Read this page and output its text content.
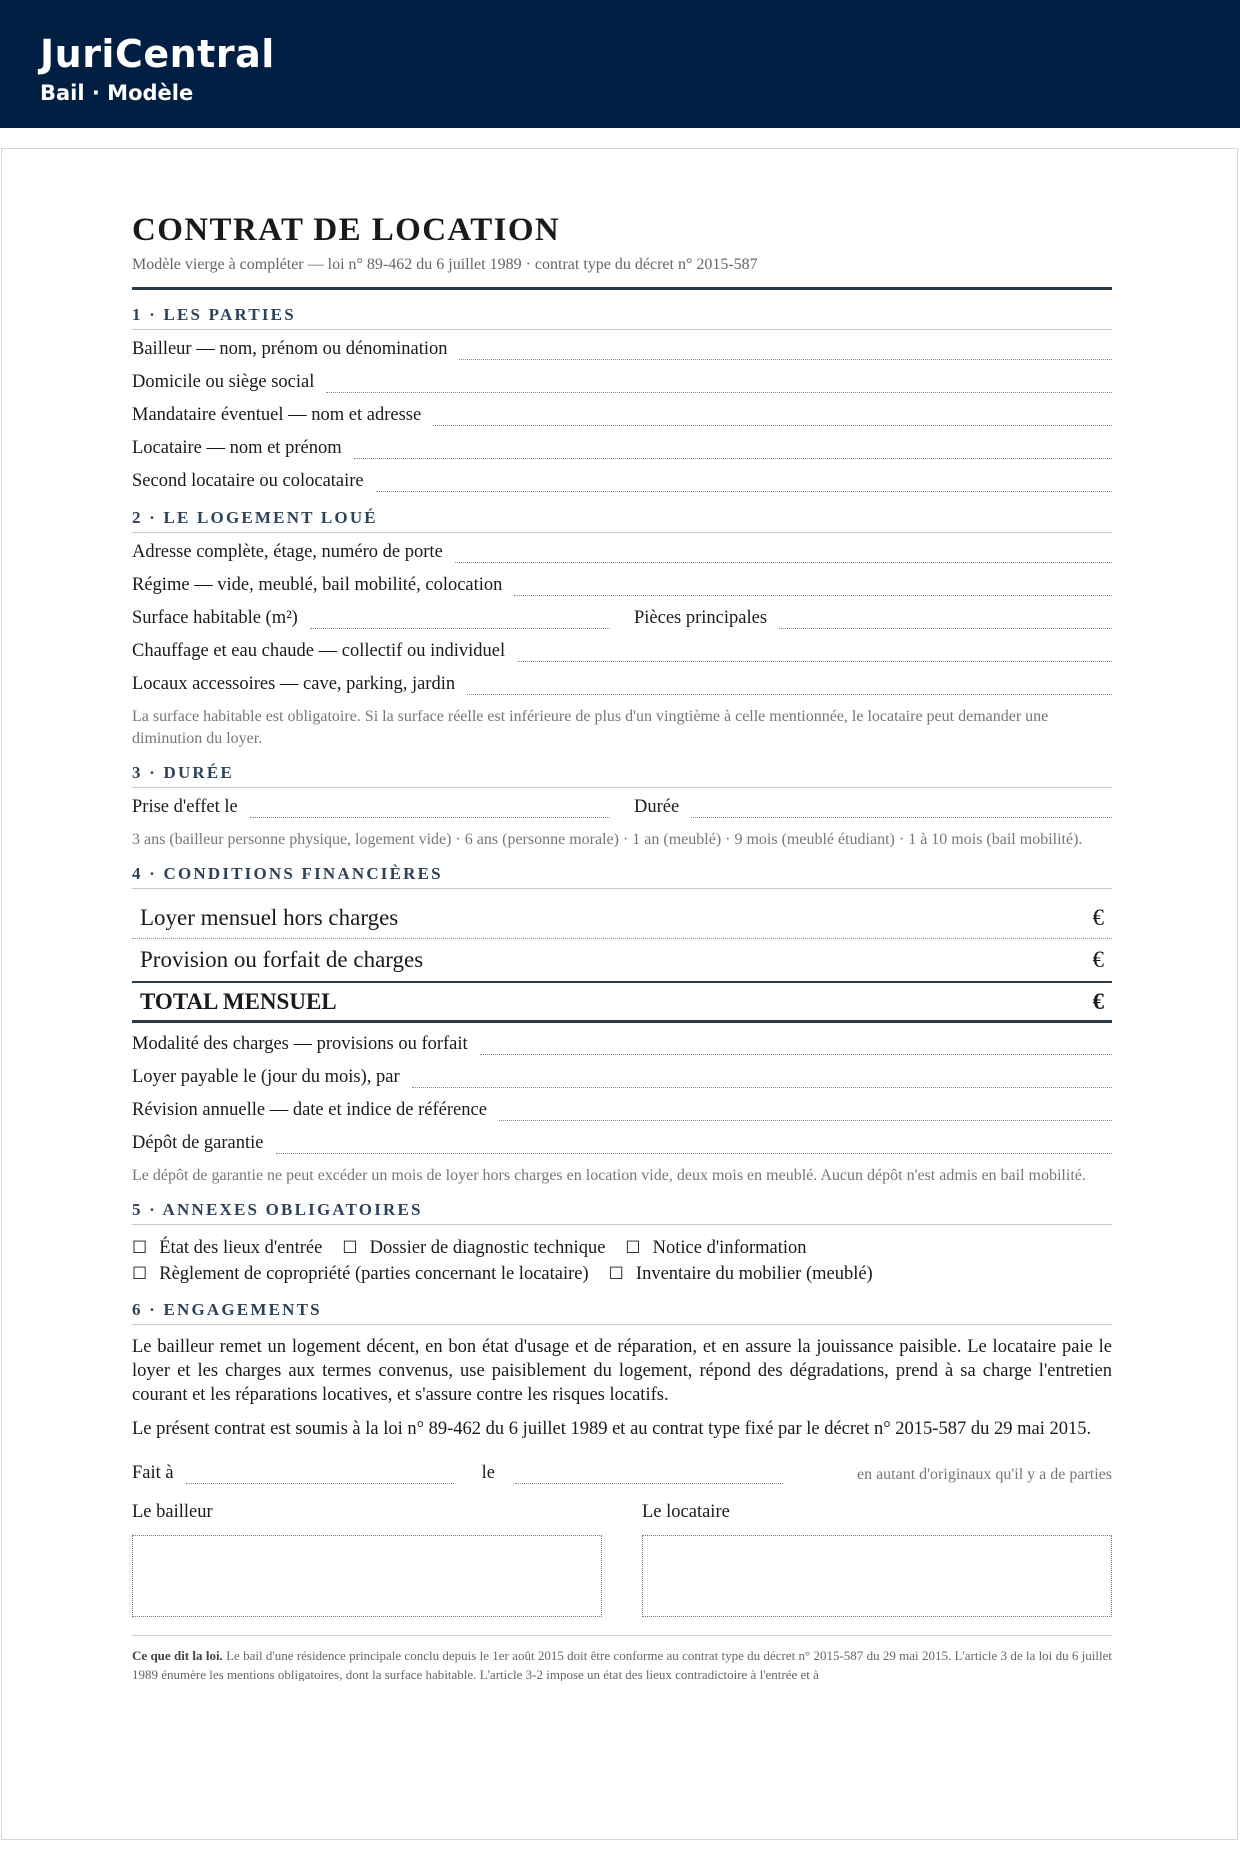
JuriCentral
Bail · Modèle
CONTRAT DE LOCATION
Modèle vierge à compléter — loi n° 89-462 du 6 juillet 1989 · contrat type du décret n° 2015-587
1 · LES PARTIES
Bailleur — nom, prénom ou dénomination
Domicile ou siège social
Mandataire éventuel — nom et adresse
Locataire — nom et prénom
Second locataire ou colocataire
2 · LE LOGEMENT LOUÉ
Adresse complète, étage, numéro de porte
Régime — vide, meublé, bail mobilité, colocation
Surface habitable (m²)	Pièces principales
Chauffage et eau chaude — collectif ou individuel
Locaux accessoires — cave, parking, jardin
La surface habitable est obligatoire. Si la surface réelle est inférieure de plus d'un vingtième à celle mentionnée, le locataire peut demander une diminution du loyer.
3 · DURÉE
Prise d'effet le	Durée
3 ans (bailleur personne physique, logement vide) · 6 ans (personne morale) · 1 an (meublé) · 9 mois (meublé étudiant) · 1 à 10 mois (bail mobilité).
4 · CONDITIONS FINANCIÈRES
Loyer mensuel hors charges	€
Provision ou forfait de charges	€
TOTAL MENSUEL	€
Modalité des charges — provisions ou forfait
Loyer payable le (jour du mois), par
Révision annuelle — date et indice de référence
Dépôt de garantie
Le dépôt de garantie ne peut excéder un mois de loyer hors charges en location vide, deux mois en meublé. Aucun dépôt n'est admis en bail mobilité.
5 · ANNEXES OBLIGATOIRES
☐ État des lieux d'entrée ☐ Dossier de diagnostic technique ☐ Notice d'information
☐ Règlement de copropriété (parties concernant le locataire) ☐ Inventaire du mobilier (meublé)
6 · ENGAGEMENTS
Le bailleur remet un logement décent, en bon état d'usage et de réparation, et en assure la jouissance paisible. Le locataire paie le loyer et les charges aux termes convenus, use paisiblement du logement, répond des dégradations, prend à sa charge l'entretien courant et les réparations locatives, et s'assure contre les risques locatifs.
Le présent contrat est soumis à la loi n° 89-462 du 6 juillet 1989 et au contrat type fixé par le décret n° 2015-587 du 29 mai 2015.
Fait à	le	en autant d'originaux qu'il y a de parties
Le bailleur	Le locataire
Ce que dit la loi. Le bail d'une résidence principale conclu depuis le 1er août 2015 doit être conforme au contrat type du décret n° 2015-587 du 29 mai 2015. L'article 3 de la loi du 6 juillet 1989 énumère les mentions obligatoires, dont la surface habitable. L'article 3-2 impose un état des lieux contradictoire à l'entrée et à
